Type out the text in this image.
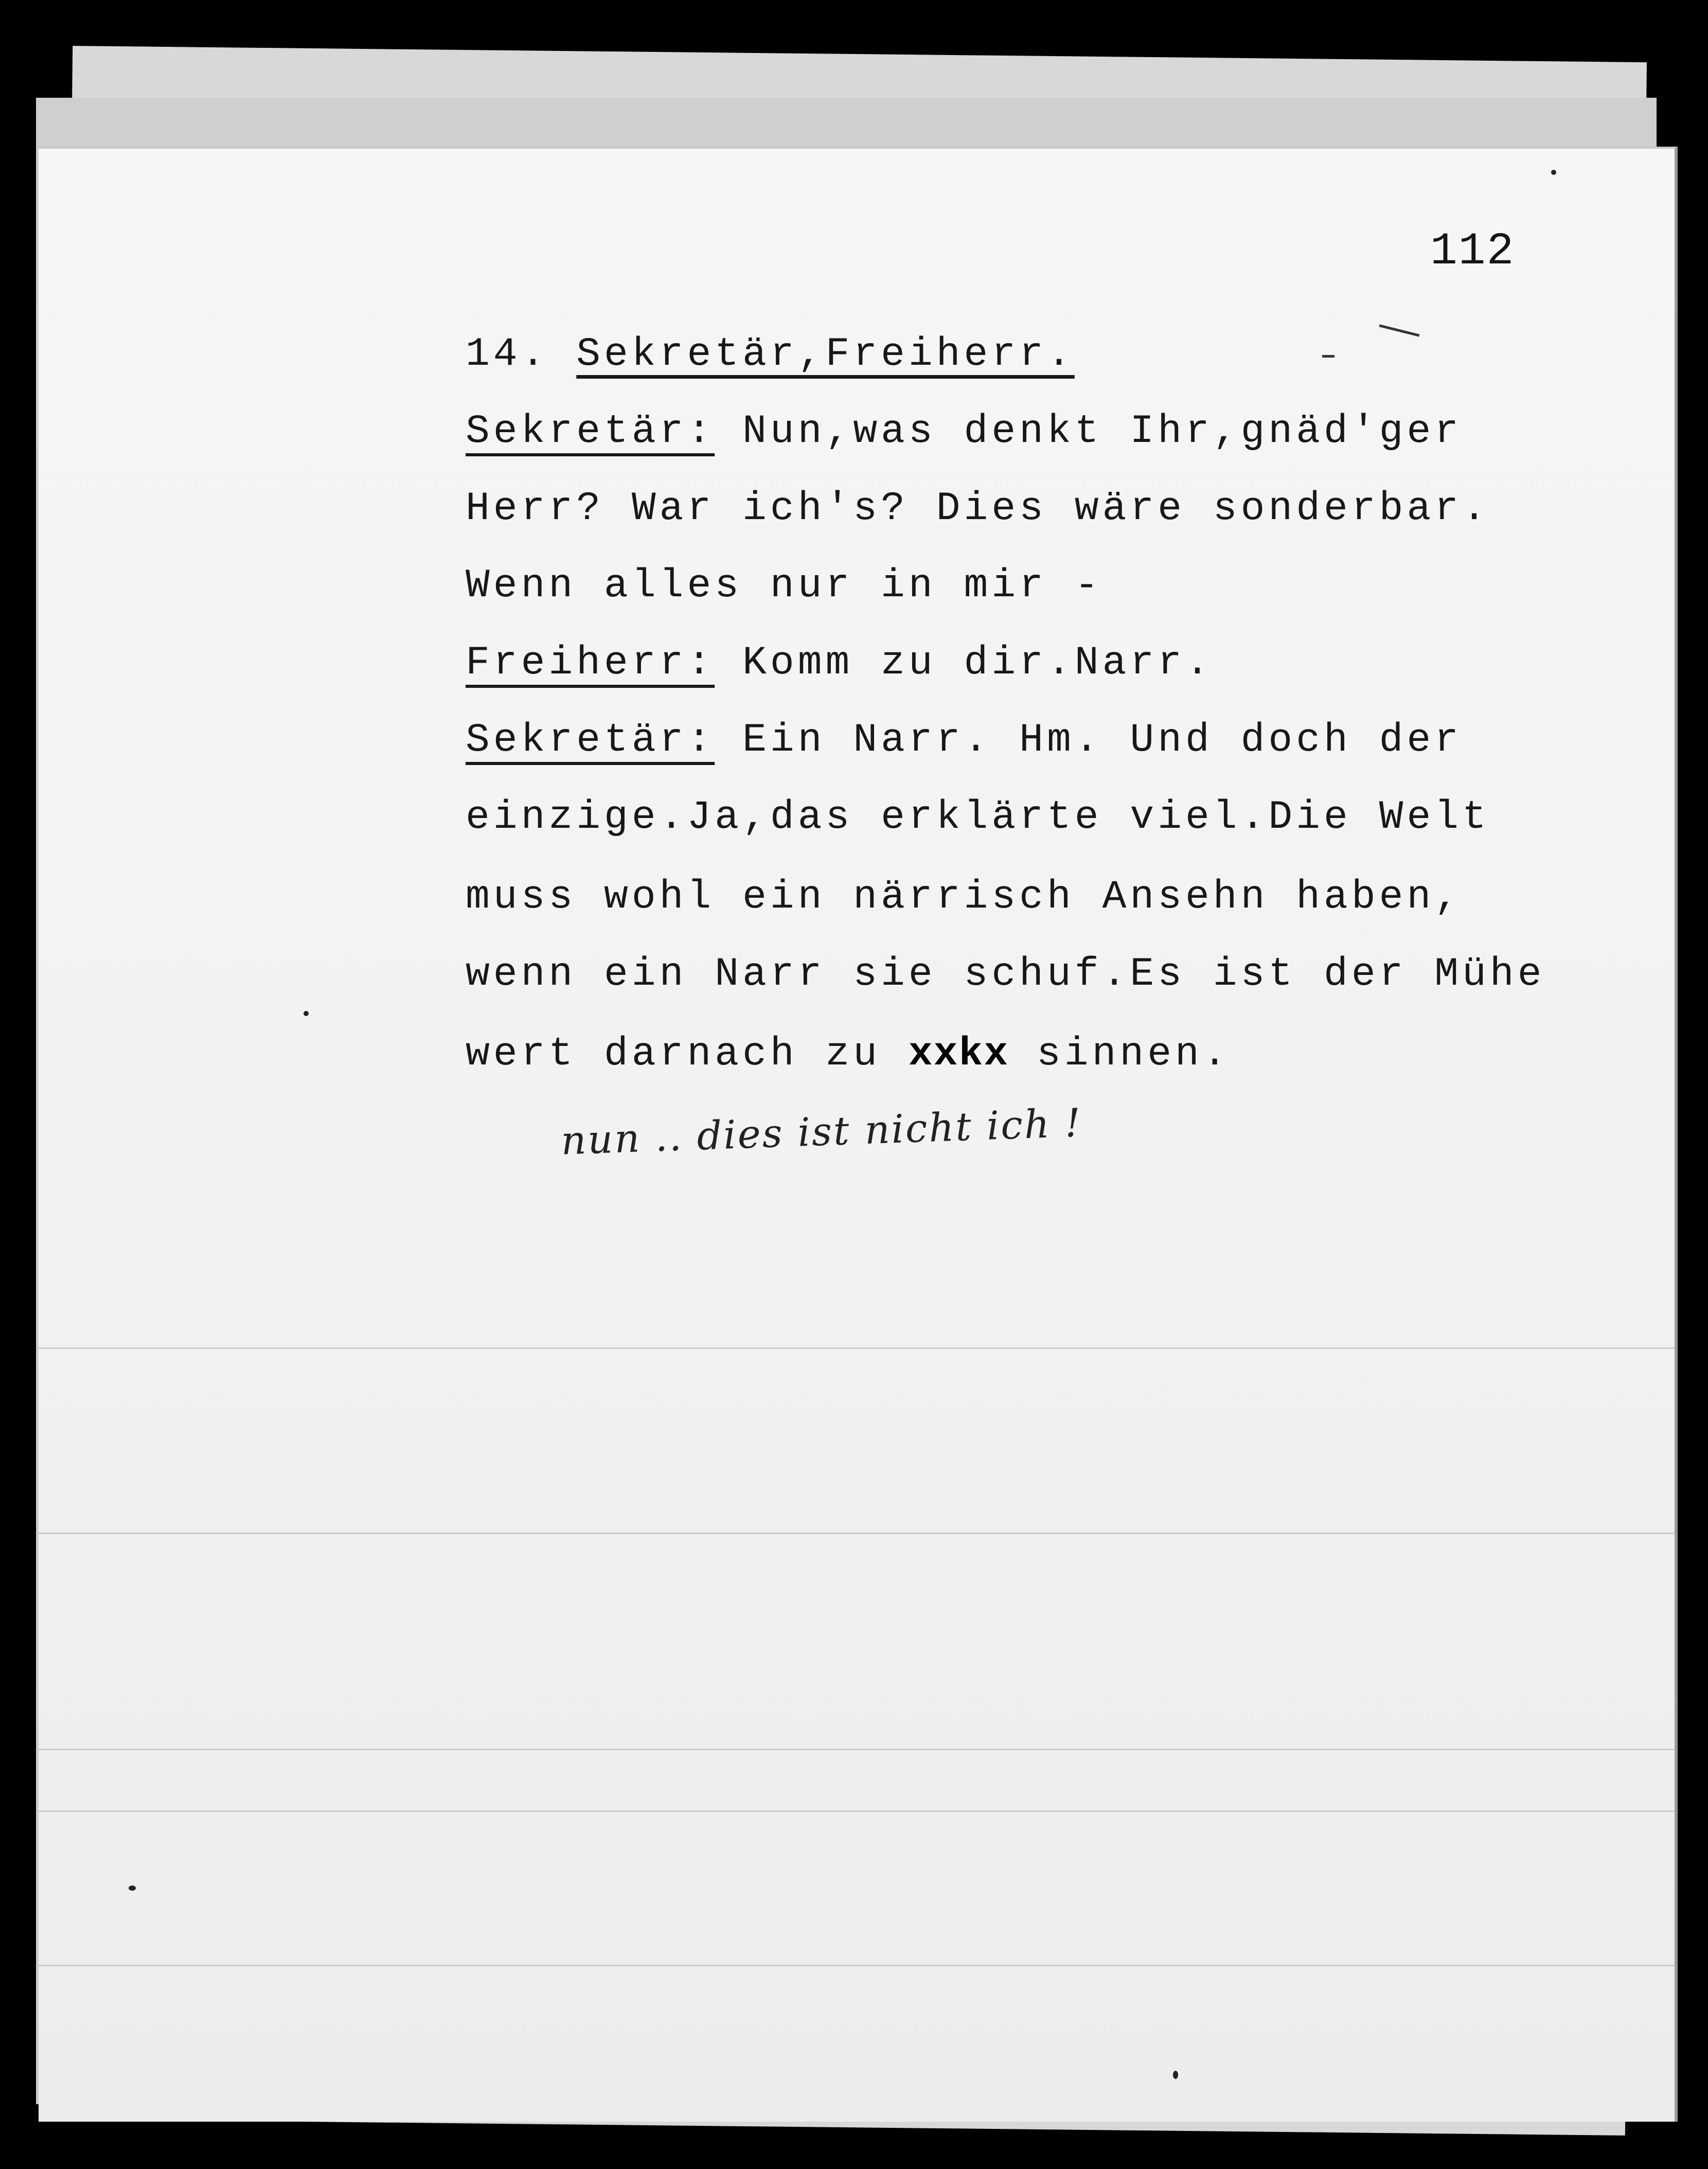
112
14. Sekretär,Freiherr.
Sekretär: Nun,was denkt Ihr,gnäd'ger
Herr? War ich's? Dies wäre sonderbar.
Wenn alles nur in mir -
Freiherr: Komm zu dir.Narr.
Sekretär: Ein Narr. Hm. Und doch der
einzige.Ja,das erklärte viel.Die Welt
muss wohl ein närrisch Ansehn haben,
wenn ein Narr sie schuf.Es ist der Mühe
wert darnach zu xxkx sinnen.
nun .. dies ist nicht ich !
